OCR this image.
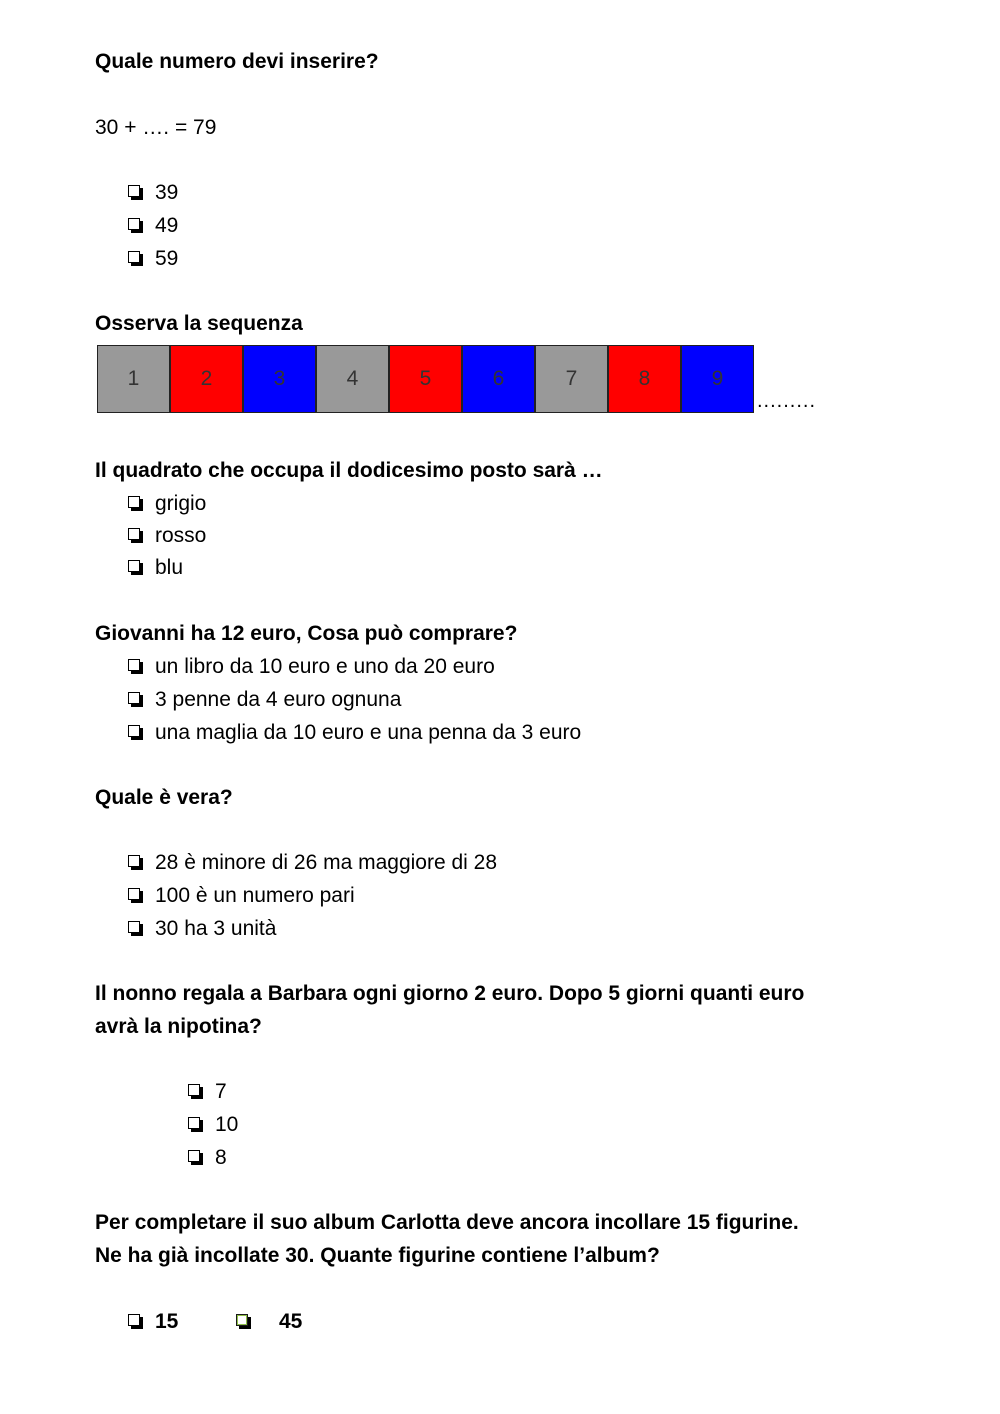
Quale numero devi inserire?
30 + …. = 79
39
49
59
Osserva la sequenza
1	2	3	4	5	6	7	8	9
.........
Il quadrato che occupa il dodicesimo posto sarà …
grigio
rosso
blu
Giovanni ha 12 euro, Cosa può comprare?
un libro da 10 euro e uno da 20 euro
3 penne da 4 euro ognuna
una maglia da 10 euro e una penna da 3 euro
Quale è vera?
28 è minore di 26 ma maggiore di 28
100 è un numero pari
30 ha 3 unità
Il nonno regala a Barbara ogni giorno 2 euro. Dopo 5 giorni quanti euro
avrà la nipotina?
7
10
8
Per completare il suo album Carlotta deve ancora incollare 15 figurine.
Ne ha già incollate 30. Quante figurine contiene l’album?
15	45
